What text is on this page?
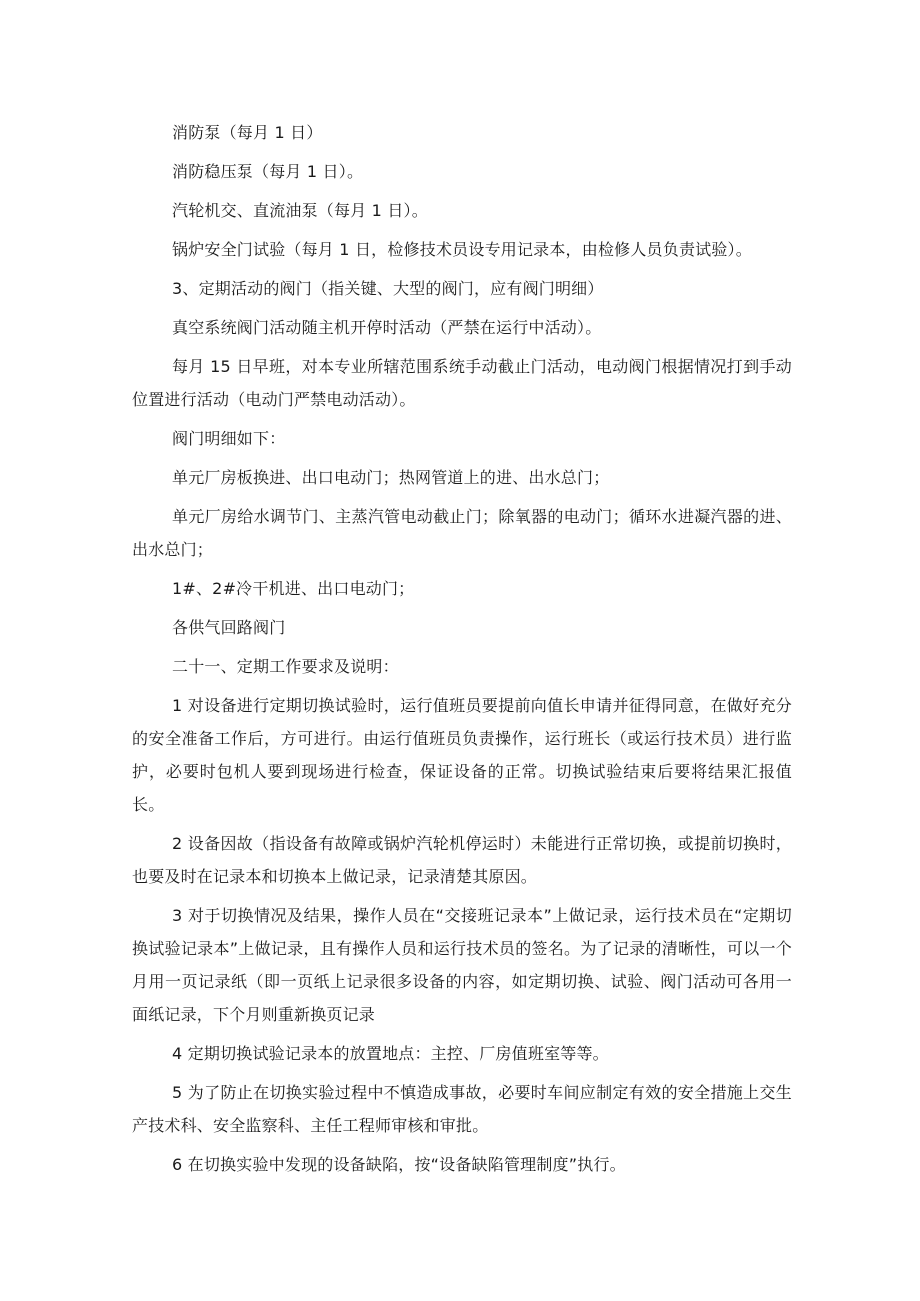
消防泵（每月 1 日）

消防稳压泵（每月 1 日）。

汽轮机交、直流油泵（每月 1 日）。

锅炉安全门试验（每月 1 日，检修技术员设专用记录本，由检修人员负责试验）。

3、定期活动的阀门（指关键、大型的阀门，应有阀门明细）

真空系统阀门活动随主机开停时活动（严禁在运行中活动）。

每月 15 日早班，对本专业所辖范围系统手动截止门活动，电动阀门根据情况打到手动位置进行活动（电动门严禁电动活动）。

阀门明细如下：

单元厂房板换进、出口电动门；热网管道上的进、出水总门；

单元厂房给水调节门、主蒸汽管电动截止门；除氧器的电动门；循环水进凝汽器的进、出水总门；

1#、2#冷干机进、出口电动门；

各供气回路阀门

二十一、定期工作要求及说明：

1 对设备进行定期切换试验时，运行值班员要提前向值长申请并征得同意，在做好充分的安全准备工作后，方可进行。由运行值班员负责操作，运行班长（或运行技术员）进行监护，必要时包机人要到现场进行检查，保证设备的正常。切换试验结束后要将结果汇报值长。

2 设备因故（指设备有故障或锅炉汽轮机停运时）未能进行正常切换，或提前切换时，也要及时在记录本和切换本上做记录，记录清楚其原因。

3 对于切换情况及结果，操作人员在“交接班记录本”上做记录，运行技术员在“定期切换试验记录本”上做记录，且有操作人员和运行技术员的签名。为了记录的清晰性，可以一个月用一页记录纸（即一页纸上记录很多设备的内容，如定期切换、试验、阀门活动可各用一面纸记录，下个月则重新换页记录

4 定期切换试验记录本的放置地点：主控、厂房值班室等等。

5 为了防止在切换实验过程中不慎造成事故，必要时车间应制定有效的安全措施上交生产技术科、安全监察科、主任工程师审核和审批。

6 在切换实验中发现的设备缺陷，按“设备缺陷管理制度”执行。
